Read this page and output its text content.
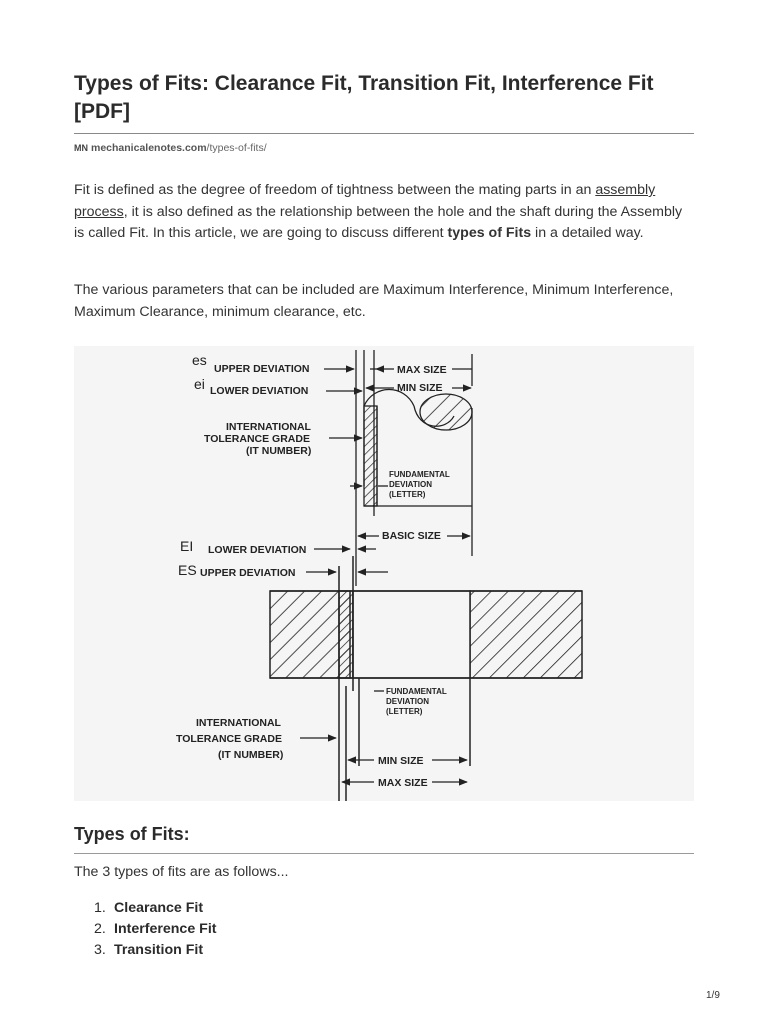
Types of Fits: Clearance Fit, Transition Fit, Interference Fit [PDF]
MN mechanicalenotes.com/types-of-fits/

Fit is defined as the degree of freedom of tightness between the mating parts in an assembly process, it is also defined as the relationship between the hole and the shaft during the Assembly is called Fit. In this article, we are going to discuss different types of Fits in a detailed way.

The various parameters that can be included are Maximum Interference, Minimum Interference, Maximum Clearance, minimum clearance, etc.

es
ei
EI
ES
UPPER DEVIATION
LOWER DEVIATION
MAX SIZE
MIN SIZE
INTERNATIONAL
TOLERANCE GRADE
(IT NUMBER)
FUNDAMENTAL
DEVIATION
(LETTER)
BASIC SIZE
LOWER DEVIATION
UPPER DEVIATION
FUNDAMENTAL
DEVIATION
(LETTER)
INTERNATIONAL
TOLERANCE GRADE
(IT NUMBER)	MIN SIZE
MAX SIZE
Types of Fits:

The 3 types of fits are as follows...

1. Clearance Fit
2. Interference Fit
3. Transition Fit
1/9
